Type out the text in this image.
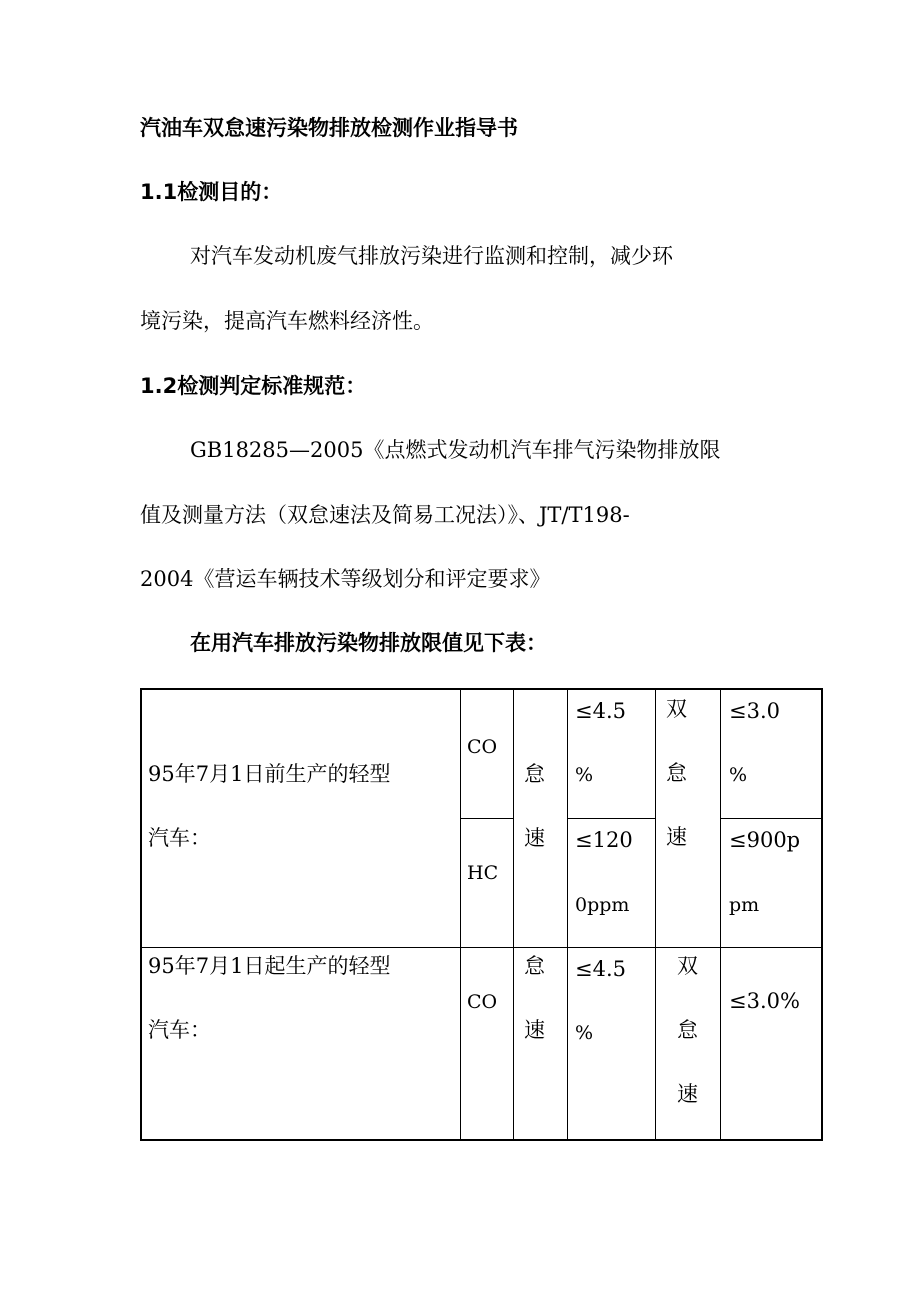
汽油车双怠速污染物排放检测作业指导书
1.1检测目的：
对汽车发动机废气排放污染进行监测和控制，减少环
境污染，提高汽车燃料经济性。
1.2检测判定标准规范：
GB18285—2005《点燃式发动机汽车排气污染物排放限
值及测量方法（双怠速法及简易工况法）》、JT/T198-
2004《营运车辆技术等级划分和评定要求》
在用汽车排放污染物排放限值见下表：
95年7月1日前生产的轻型
汽车：
CO
HC
怠
速
≤4.5
%
≤120
0ppm
双
怠
速
≤3.0
%
≤900p
pm
95年7月1日起生产的轻型
汽车：
CO
怠
速
≤4.5
%
双
怠
速
≤3.0%
